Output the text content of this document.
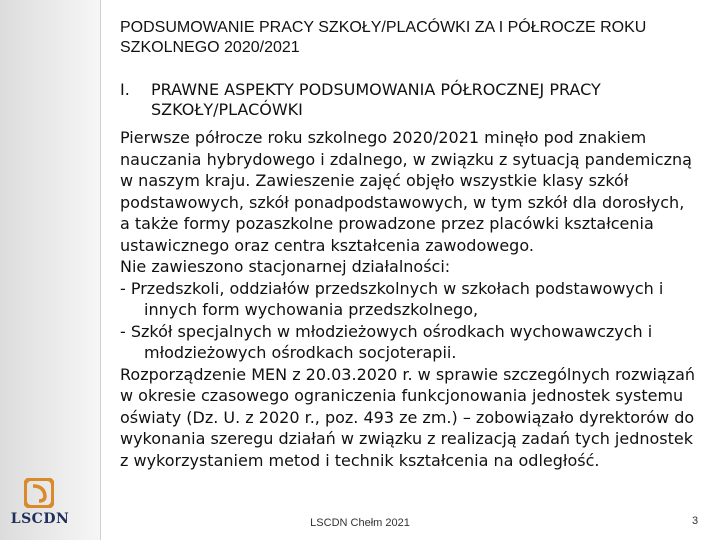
LSCDN
PODSUMOWANIE PRACY SZKOŁY/PLACÓWKI ZA I PÓŁROCZE ROKU SZKOLNEGO 2020/2021
I. PRAWNE ASPEKTY PODSUMOWANIA PÓŁROCZNEJ PRACY SZKOŁY/PLACÓWKI

Pierwsze półrocze roku szkolnego 2020/2021 minęło pod znakiem nauczania hybrydowego i zdalnego, w związku z sytuacją pandemiczną w naszym kraju. Zawieszenie zajęć objęło wszystkie klasy szkół podstawowych, szkół ponadpodstawowych, w tym szkół dla dorosłych, a także formy pozaszkolne prowadzone przez placówki kształcenia ustawicznego oraz centra kształcenia zawodowego.

Nie zawieszono stacjonarnej działalności:

- Przedszkoli, oddziałów przedszkolnych w szkołach podstawowych i innych form wychowania przedszkolnego,

- Szkół specjalnych w młodzieżowych ośrodkach wychowawczych i młodzieżowych ośrodkach socjoterapii.

Rozporządzenie MEN z 20.03.2020 r. w sprawie szczególnych rozwiązań w okresie czasowego ograniczenia funkcjonowania jednostek systemu oświaty (Dz. U. z 2020 r., poz. 493 ze zm.) – zobowiązało dyrektorów do wykonania szeregu działań w związku z realizacją zadań tych jednostek z wykorzystaniem metod i technik kształcenia na odległość.

LSCDN Chełm 2021	3
